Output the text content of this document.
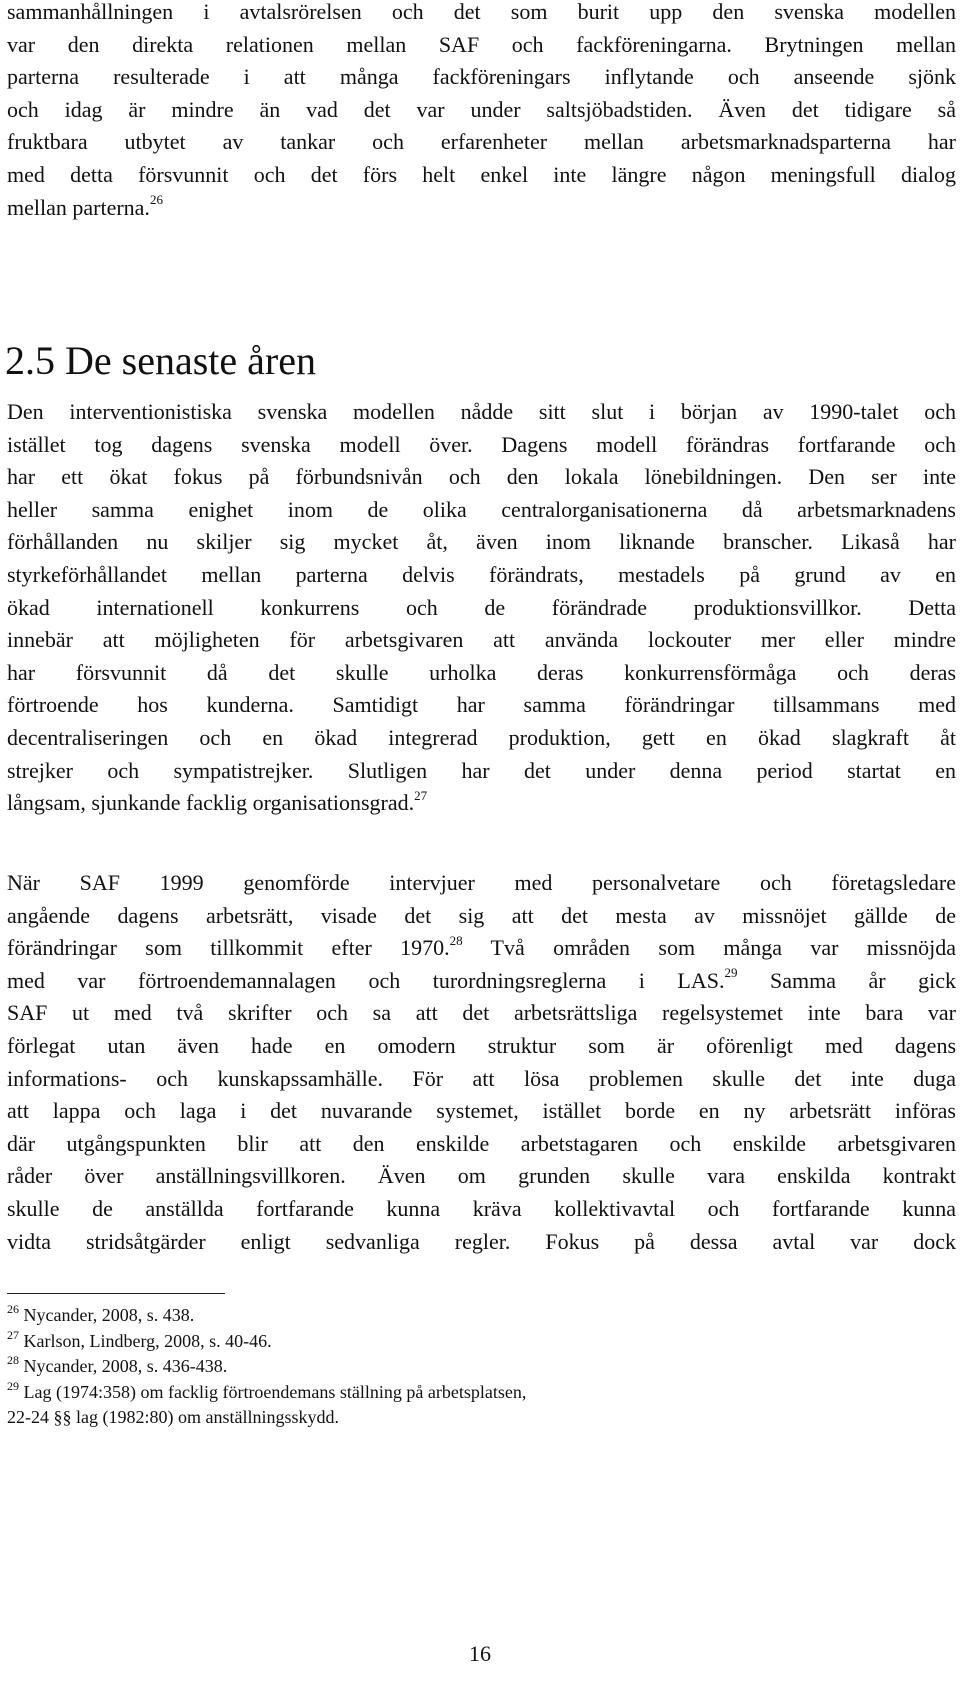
sammanhållningen i avtalsrörelsen och det som burit upp den svenska modellen
var den direkta relationen mellan SAF och fackföreningarna. Brytningen mellan
parterna resulterade i att många fackföreningars inflytande och anseende sjönk
och idag är mindre än vad det var under saltsjöbadstiden. Även det tidigare så
fruktbara utbytet av tankar och erfarenheter mellan arbetsmarknadsparterna har
med detta försvunnit och det förs helt enkel inte längre någon meningsfull dialog
mellan parterna.$^{26}$
2.5 De senaste åren
Den interventionistiska svenska modellen nådde sitt slut i början av 1990-talet och
istället tog dagens svenska modell över. Dagens modell förändras fortfarande och
har ett ökat fokus på förbundsnivån och den lokala lönebildningen. Den ser inte
heller samma enighet inom de olika centralorganisationerna då arbetsmarknadens
förhållanden nu skiljer sig mycket åt, även inom liknande branscher. Likaså har
styrkeförhållandet mellan parterna delvis förändrats, mestadels på grund av en
ökad internationell konkurrens och de förändrade produktionsvillkor. Detta
innebär att möjligheten för arbetsgivaren att använda lockouter mer eller mindre
har försvunnit då det skulle urholka deras konkurrensförmåga och deras
förtroende hos kunderna. Samtidigt har samma förändringar tillsammans med
decentraliseringen och en ökad integrerad produktion, gett en ökad slagkraft åt
strejker och sympatistrejker. Slutligen har det under denna period startat en
långsam, sjunkande facklig organisationsgrad.$^{27}$
När SAF 1999 genomförde intervjuer med personalvetare och företagsledare
angående dagens arbetsrätt, visade det sig att det mesta av missnöjet gällde de
förändringar som tillkommit efter 1970.28 Två områden som många var missnöjda
med var förtroendemannalagen och turordningsreglerna i LAS.$^{29}$ Samma år gick
SAF ut med två skrifter och sa att det arbetsrättsliga regelsystemet inte bara var
förlegat utan även hade en omodern struktur som är oförenligt med dagens
informations- och kunskapssamhälle. För att lösa problemen skulle det inte duga
att lappa och laga i det nuvarande systemet, istället borde en ny arbetsrätt införas
där utgångspunkten blir att den enskilde arbetstagaren och enskilde arbetsgivaren
råder över anställningsvillkoren. Även om grunden skulle vara enskilda kontrakt
skulle de anställda fortfarande kunna kräva kollektivavtal och fortfarande kunna
vidta stridsåtgärder enligt sedvanliga regler. Fokus på dessa avtal var dock
$^{26}$ Nycander, 2008, s. 438.
$^{27}$ Karlson, Lindberg, 2008, s. 40-46.
$^{28}$ Nycander, 2008, s. 436-438.
$^{29}$ Lag (1974:358) om facklig förtroendemans ställning på arbetsplatsen,
22-24 §§ lag (1982:80) om anställningsskydd.
16
